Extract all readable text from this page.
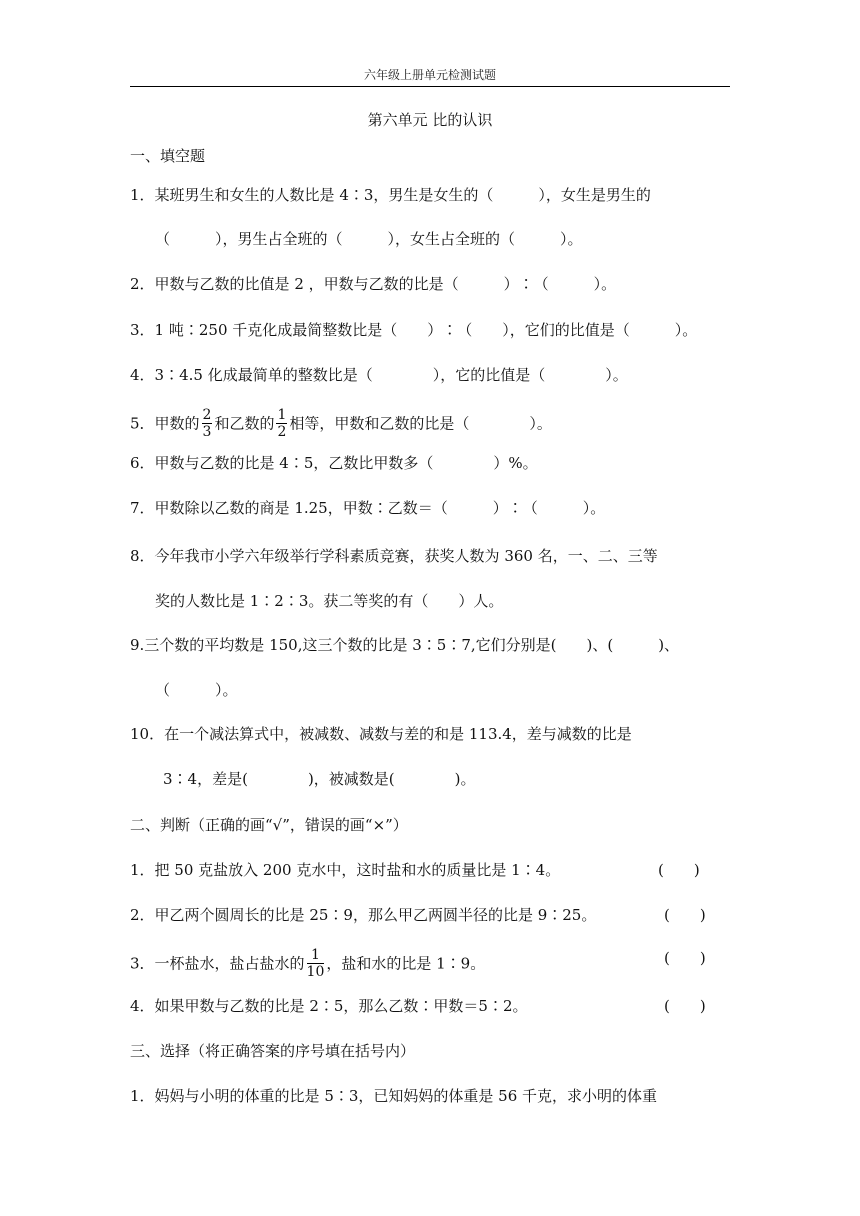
六年级上册单元检测试题
第六单元 比的认识
一、填空题
1．某班男生和女生的人数比是 4∶3，男生是女生的（　　　），女生是男生的
（　　　），男生占全班的（　　　），女生占全班的（　　　）。
2．甲数与乙数的比值是 2 ，甲数与乙数的比是（　　　）∶（　　　）。
3．1 吨∶250 千克化成最简整数比是（　　）∶（　　），它们的比值是（　　　）。
4．3∶4.5 化成最简单的整数比是（　　　　），它的比值是（　　　　）。
5．甲数的 $\frac{2}{3}$ 和乙数的 $\frac{1}{2}$ 相等，甲数和乙数的比是（　　　　）。
6．甲数与乙数的比是 4∶5，乙数比甲数多（　　　　）%。
7．甲数除以乙数的商是 1.25，甲数∶乙数＝（　　　）∶（　　　）。
8．今年我市小学六年级举行学科素质竞赛，获奖人数为 360 名，一、二、三等
奖的人数比是 1∶2∶3。获二等奖的有（　　）人。
9.三个数的平均数是 150,这三个数的比是 3∶5∶7,它们分别是(　　)、(　　　)、
（　　　）。
10．在一个减法算式中，被减数、减数与差的和是 113.4，差与减数的比是
3∶4，差是(　　　　)，被减数是(　　　　)。
二、判断（正确的画“√”，错误的画“×”）
1．把 50 克盐放入 200 克水中，这时盐和水的质量比是 1∶4。	(　　)
2．甲乙两个圆周长的比是 25∶9，那么甲乙两圆半径的比是 9∶25。	(　　)
3．一杯盐水，盐占盐水的 $\frac{1}{10}$ ，盐和水的比是 1∶9。	(　　)
4．如果甲数与乙数的比是 2∶5，那么乙数∶甲数＝5∶2。	(　　)
三、选择（将正确答案的序号填在括号内）
1．妈妈与小明的体重的比是 5∶3，已知妈妈的体重是 56 千克，求小明的体重
